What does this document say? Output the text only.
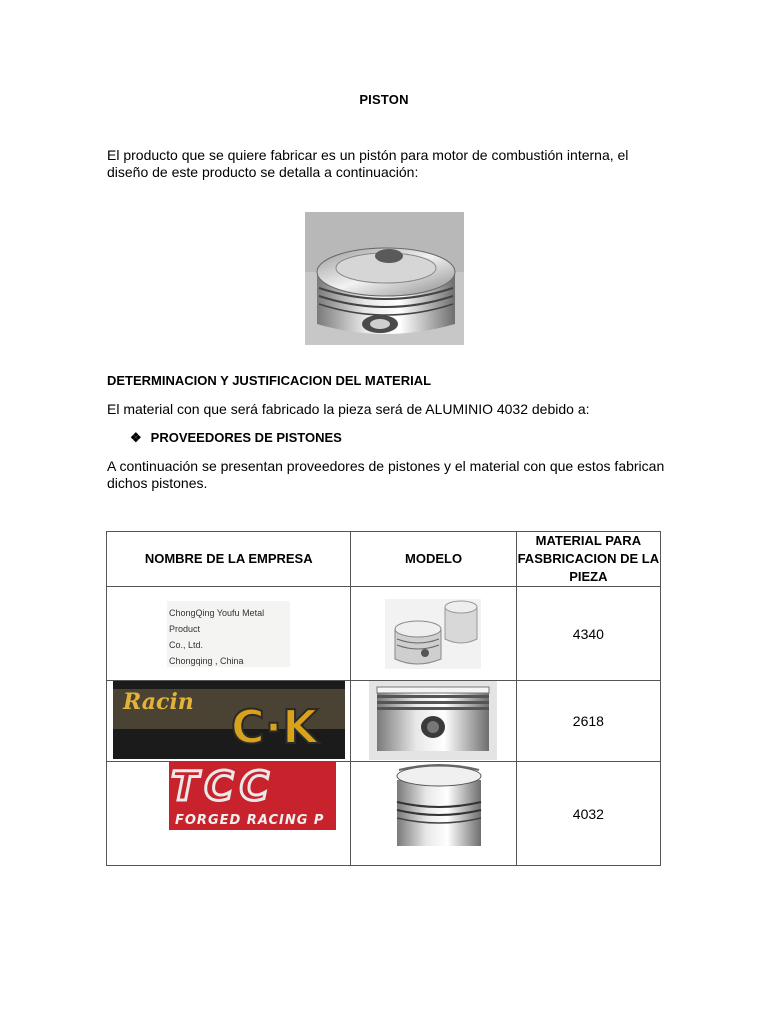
PISTON
El producto que se quiere fabricar es un pistón para motor de combustión interna, el diseño de este producto se detalla a continuación:
DETERMINACION Y JUSTIFICACION DEL MATERIAL
El material con que será fabricado la pieza será de ALUMINIO 4032 debido a:
❖ PROVEEDORES DE PISTONES
A continuación se presentan proveedores de pistones y el material con que estos fabrican dichos pistones.
NOMBRE DE LA EMPRESA	MODELO	MATERIAL PARA FASBRICACION DE LA PIEZA

ChongQing Youfu Metal Product
Co., Ltd.
Chongqing , China		4340

Racin C·K		2618

TCC
FORGED RACING P		4032
